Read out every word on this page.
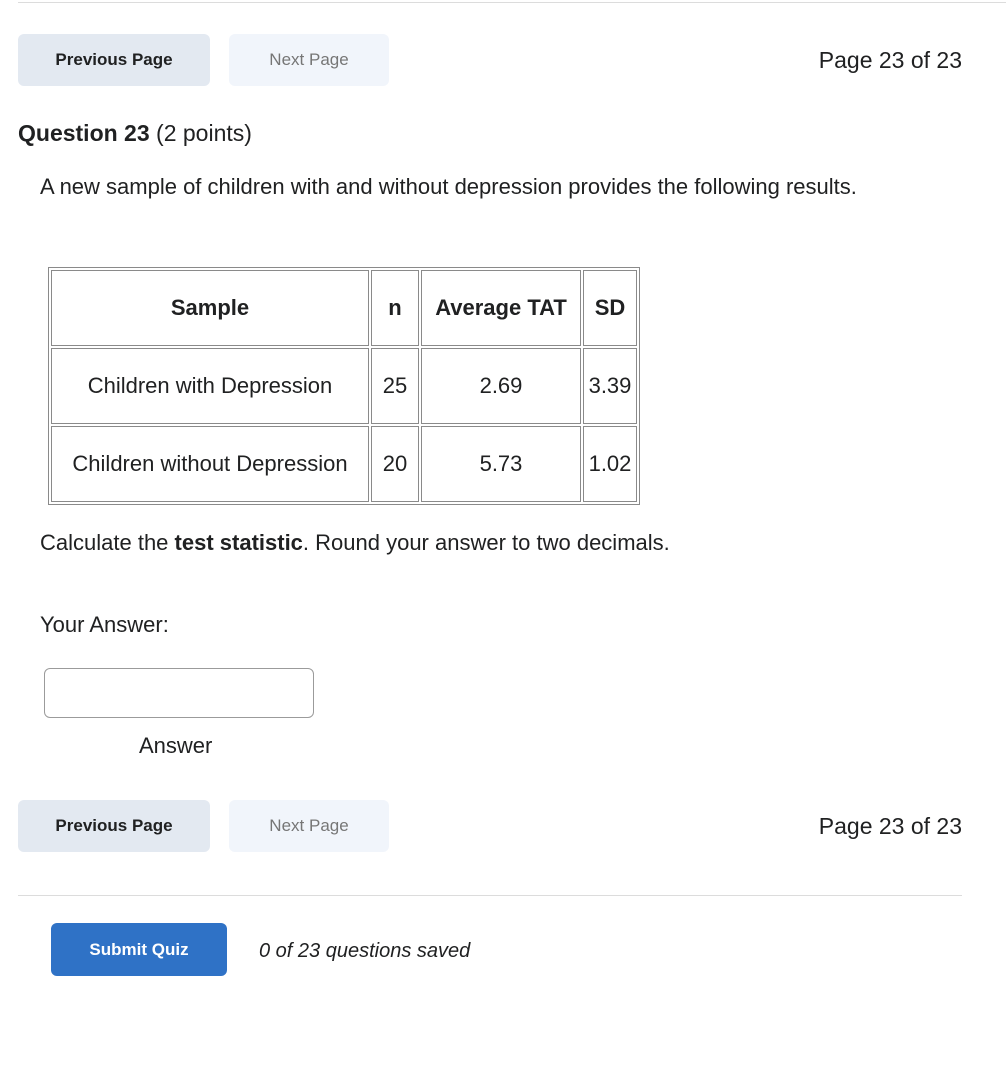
Previous Page	Next Page	Page 23 of 23
Question 23 (2 points)

A new sample of children with and without depression provides the following results.

Sample	n	Average TAT	SD
Children with Depression	25	2.69	3.39
Children without Depression	20	5.73	1.02

Calculate the test statistic. Round your answer to two decimals.

Your Answer:
Answer
Previous Page	Next Page	Page 23 of 23
Submit Quiz	0 of 23 questions saved
